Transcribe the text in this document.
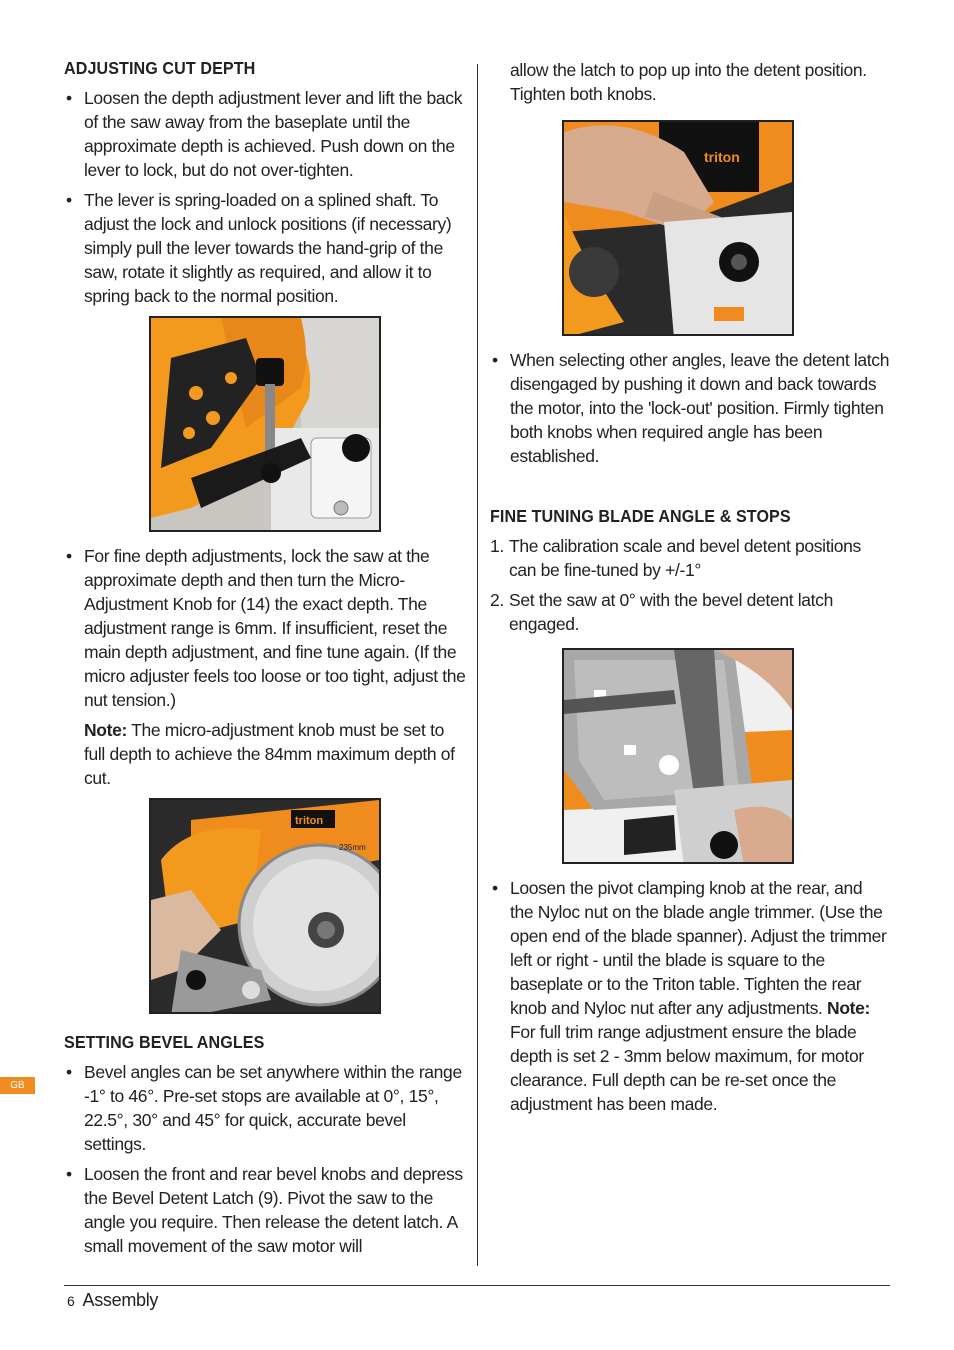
ADJUSTING CUT DEPTH
• Loosen the depth adjustment lever and lift the back of the saw away from the baseplate until the approximate depth is achieved. Push down on the lever to lock, but do not over-tighten.
• The lever is spring-loaded on a splined shaft. To adjust the lock and unlock positions (if necessary) simply pull the lever towards the hand-grip of the saw, rotate it slightly as required, and allow it to spring back to the normal position.
• For fine depth adjustments, lock the saw at the approximate depth and then turn the Micro-Adjustment Knob for (14) the exact depth. The adjustment range is 6mm. If insufficient, reset the main depth adjustment, and fine tune again. (If the micro adjuster feels too loose or too tight, adjust the nut tension.)

Note: The micro-adjustment knob must be set to full depth to achieve the 84mm maximum depth of cut.

triton
235mm
SETTING BEVEL ANGLES
• Bevel angles can be set anywhere within the range -1° to 46°. Pre-set stops are available at 0°, 15°, 22.5°, 30° and 45° for quick, accurate bevel settings.
• Loosen the front and rear bevel knobs and depress the Bevel Detent Latch (9). Pivot the saw to the angle you require. Then release the detent latch. A small movement of the saw motor will

allow the latch to pop up into the detent position. Tighten both knobs.

triton
• When selecting other angles, leave the detent latch disengaged by pushing it down and back towards the motor, into the 'lock-out' position. Firmly tighten both knobs when required angle has been established.
FINE TUNING BLADE ANGLE & STOPS
1. The calibration scale and bevel detent positions can be fine-tuned by +/-1°
2. Set the saw at 0° with the bevel detent latch engaged.
• Loosen the pivot clamping knob at the rear, and the Nyloc nut on the blade angle trimmer. (Use the open end of the blade spanner). Adjust the trimmer left or right - until the blade is square to the baseplate or to the Triton table. Tighten the rear knob and Nyloc nut after any adjustments. Note: For full trim range adjustment ensure the blade depth is set 2 - 3mm below maximum, for motor clearance. Full depth can be re-set once the adjustment has been made.
GB
6 Assembly
